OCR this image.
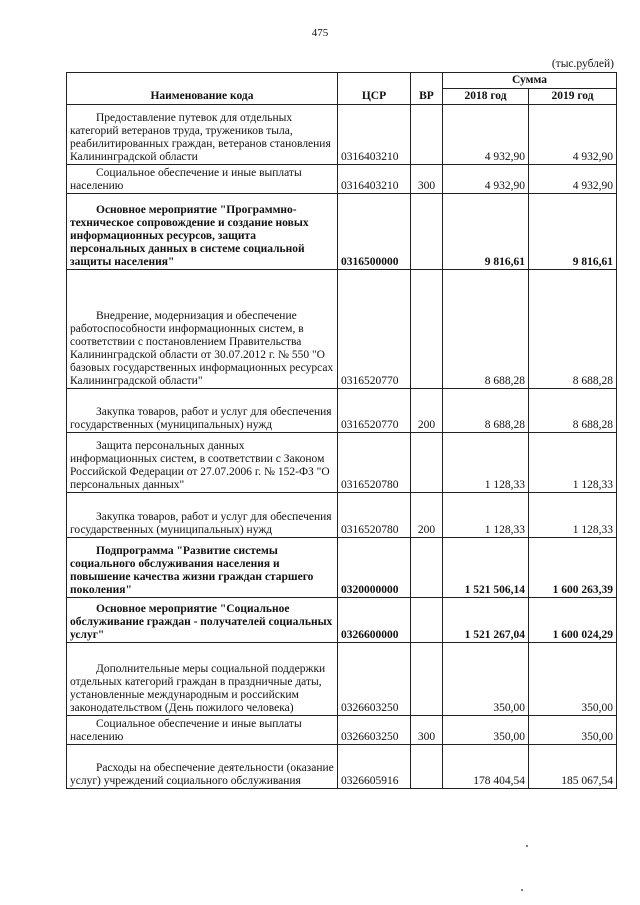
475
(тыс.рублей)
Наименование кода	ЦСР	ВР	Сумма	
			2018 год	2019 год
Предоставление путевок для отдельных категорий ветеранов труда, тружеников тыла, реабилитированных граждан, ветеранов становления Калининградской области	0316403210		4 932,90	4 932,90
Социальное обеспечение и иные выплаты населению	0316403210	300	4 932,90	4 932,90
Основное мероприятие "Программно-техническое сопровождение и создание новых информационных ресурсов, защита персональных данных в системе социальной защиты населения"	0316500000		9 816,61	9 816,61
Внедрение, модернизация и обеспечение работоспособности информационных систем, в соответствии с постановлением Правительства Калининградской области от 30.07.2012 г. № 550 "О базовых государственных информационных ресурсах Калининградской области"	0316520770		8 688,28	8 688,28
Закупка товаров, работ и услуг для обеспечения государственных (муниципальных) нужд	0316520770	200	8 688,28	8 688,28
Защита персональных данных информационных систем, в соответствии с Законом Российской Федерации от 27.07.2006 г. № 152-ФЗ "О персональных данных"	0316520780		1 128,33	1 128,33
Закупка товаров, работ и услуг для обеспечения государственных (муниципальных) нужд	0316520780	200	1 128,33	1 128,33
Подпрограмма "Развитие системы социального обслуживания населения и повышение качества жизни граждан старшего поколения"	0320000000		1 521 506,14	1 600 263,39
Основное мероприятие "Социальное обслуживание граждан - получателей социальных услуг"	0326600000		1 521 267,04	1 600 024,29
Дополнительные меры социальной поддержки отдельных категорий граждан в праздничные даты, установленные международным и российским законодательством (День пожилого человека)	0326603250		350,00	350,00
Социальное обеспечение и иные выплаты населению	0326603250	300	350,00	350,00
Расходы на обеспечение деятельности (оказание услуг) учреждений социального обслуживания	0326605916		178 404,54	185 067,54
